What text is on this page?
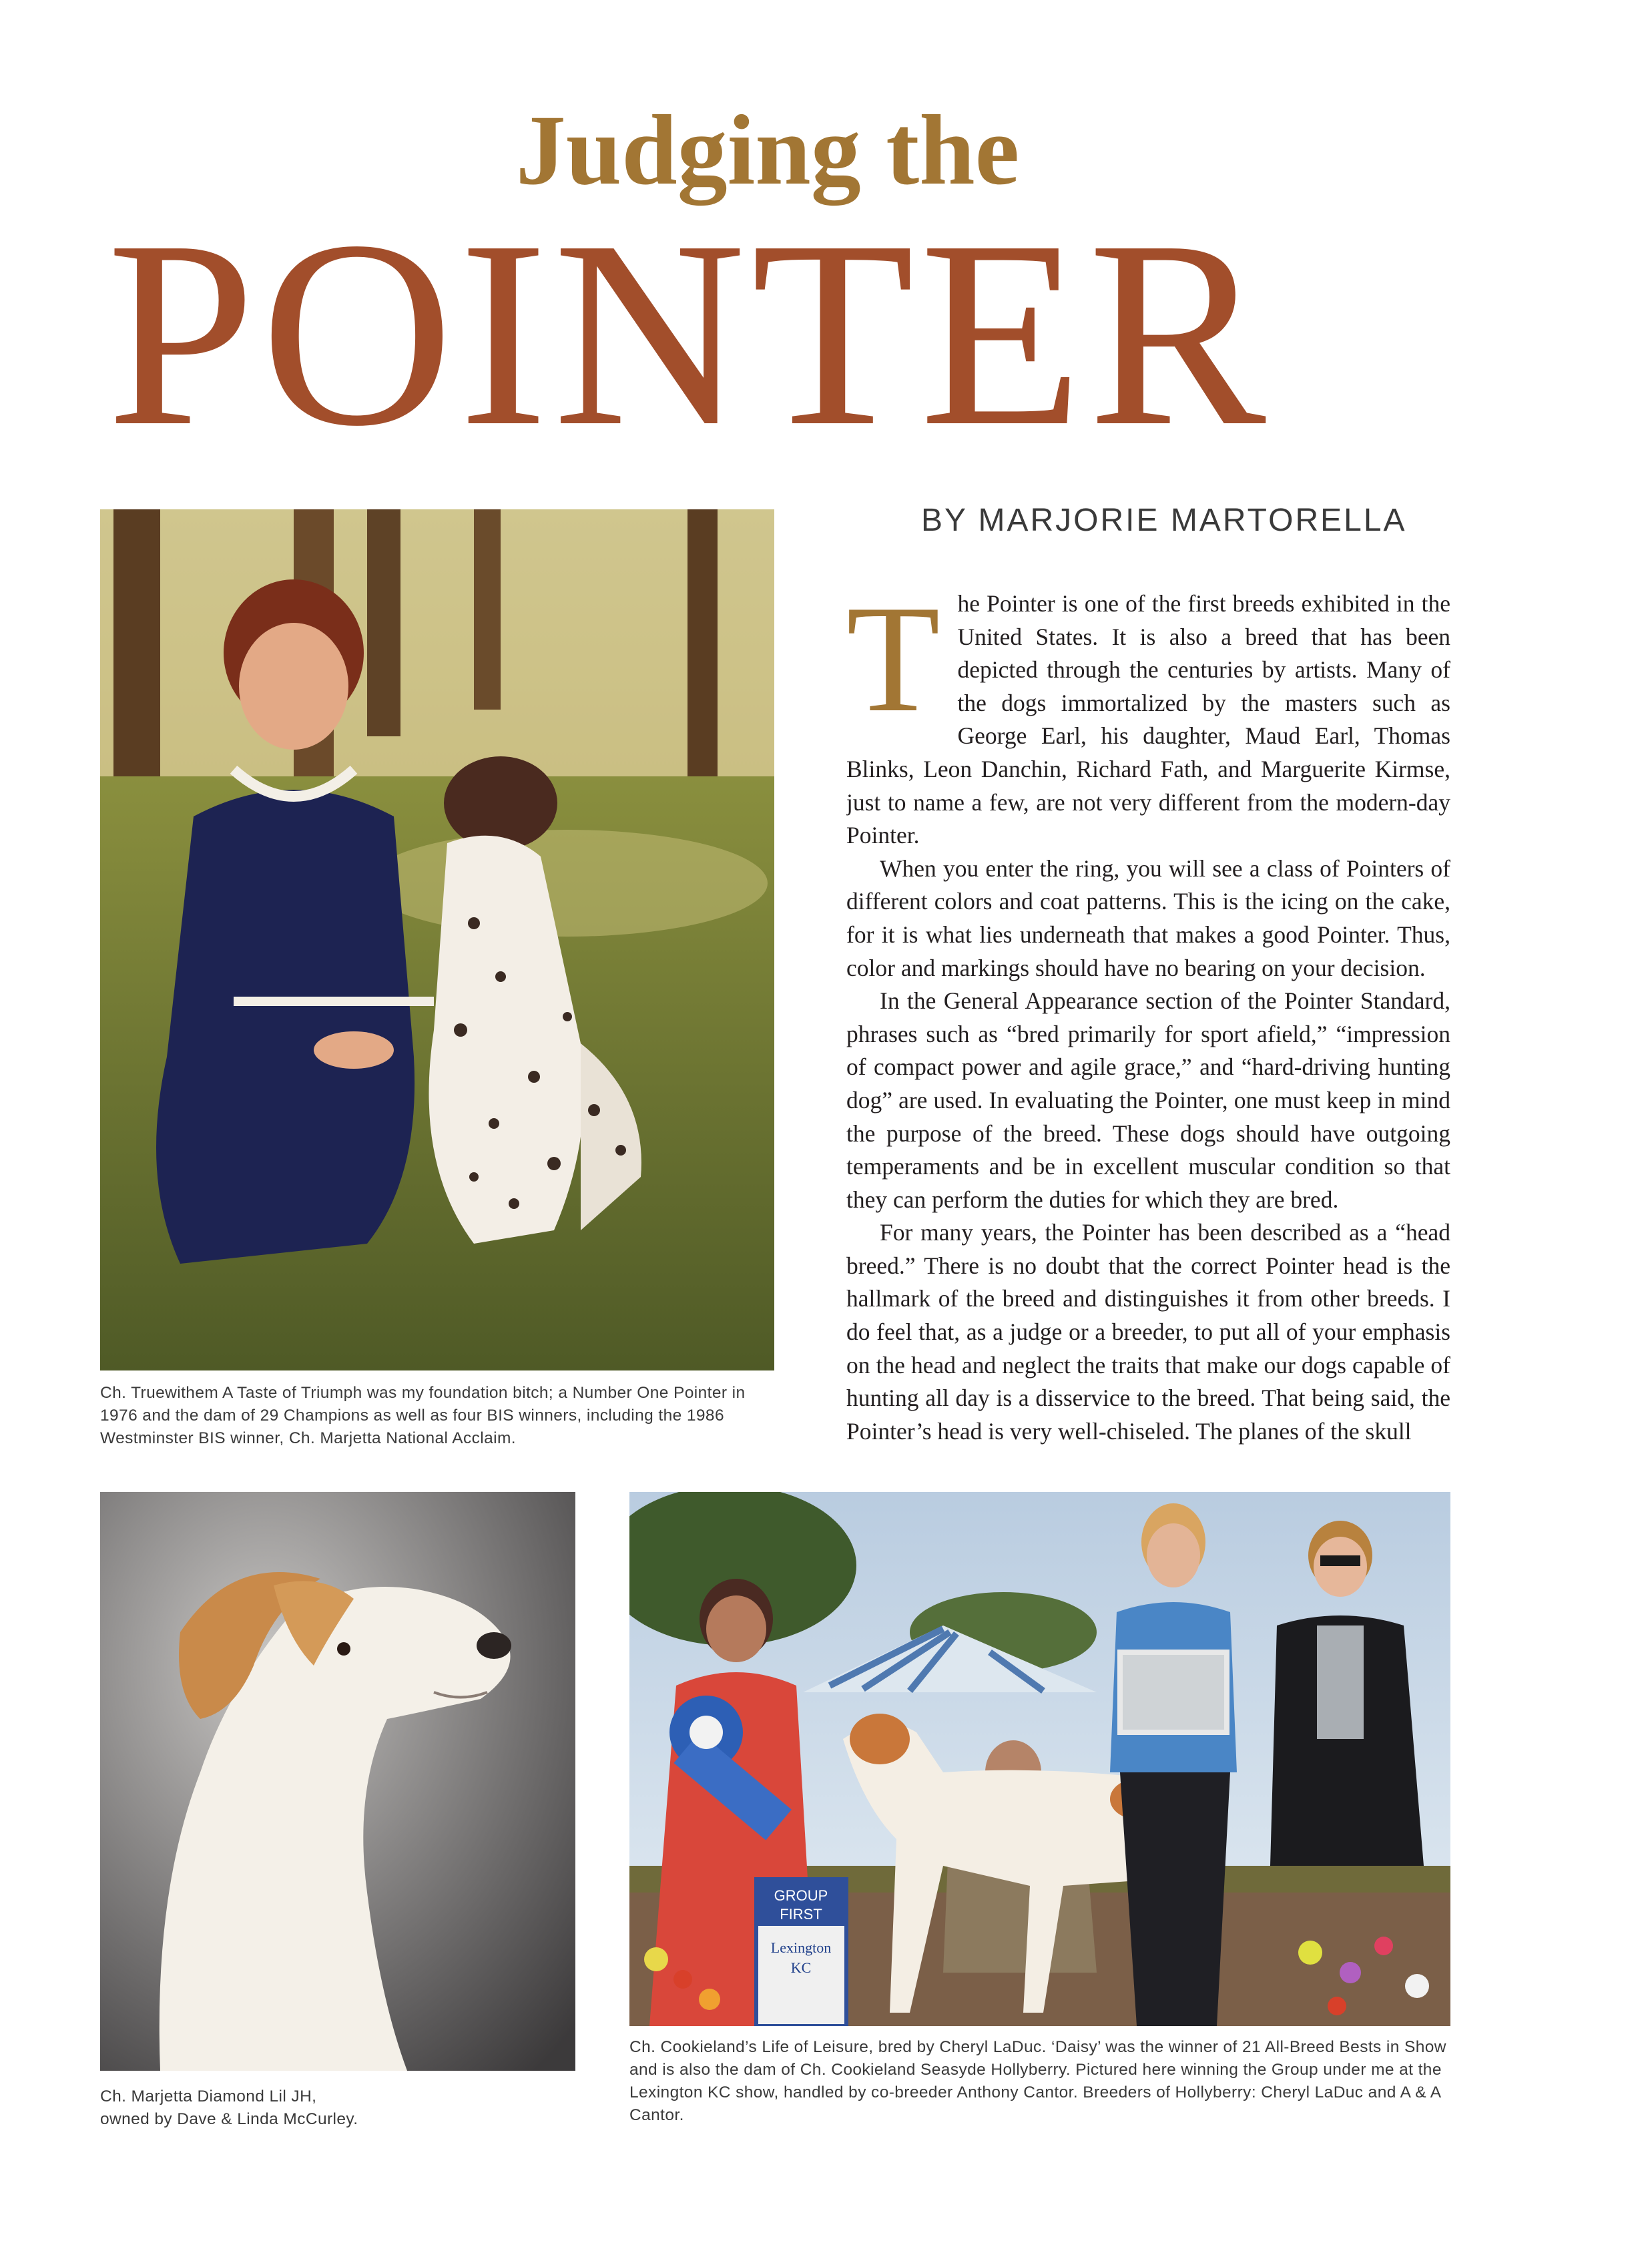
Judging the
POINTER
BY MARJORIE MARTORELLA
T he Pointer is one of the first breeds exhibited in the United States. It is also a breed that has been depicted through the centuries by artists. Many of the dogs immortalized by the masters such as George Earl, his daughter, Maud Earl, Thomas Blinks, Leon Danchin, Richard Fath, and Marguerite Kirmse, just to name a few, are not very different from the modern-day Pointer.

When you enter the ring, you will see a class of Pointers of different colors and coat patterns. This is the icing on the cake, for it is what lies underneath that makes a good Pointer. Thus, color and markings should have no bearing on your decision.

In the General Appearance section of the Pointer Standard, phrases such as “bred primarily for sport afield,” “impression of compact power and agile grace,” and “hard-driving hunting dog” are used. In evaluating the Pointer, one must keep in mind the purpose of the breed. These dogs should have outgoing temperaments and be in excellent muscular condition so that they can perform the duties for which they are bred.

For many years, the Pointer has been described as a “head breed.” There is no doubt that the correct Pointer head is the hallmark of the breed and distinguishes it from other breeds. I do feel that, as a judge or a breeder, to put all of your emphasis on the head and neglect the traits that make our dogs capable of hunting all day is a disservice to the breed. That being said, the Pointer’s head is very well-chiseled. The planes of the skull

Ch. Truewithem A Taste of Triumph was my foundation bitch; a Number One Pointer in 1976 and the dam of 29 Champions as well as four BIS winners, including the 1986 Westminster BIS winner, Ch. Marjetta National Acclaim.
Ch. Marjetta Diamond Lil JH,
owned by Dave & Linda McCurley.
GROUP
FIRST
Lexington
KC
Ch. Cookieland’s Life of Leisure, bred by Cheryl LaDuc. ‘Daisy’ was the winner of 21 All-Breed Bests in Show and is also the dam of Ch. Cookieland Seasyde Hollyberry. Pictured here winning the Group under me at the Lexington KC show, handled by co-breeder Anthony Cantor. Breeders of Hollyberry: Cheryl LaDuc and A & A Cantor.
